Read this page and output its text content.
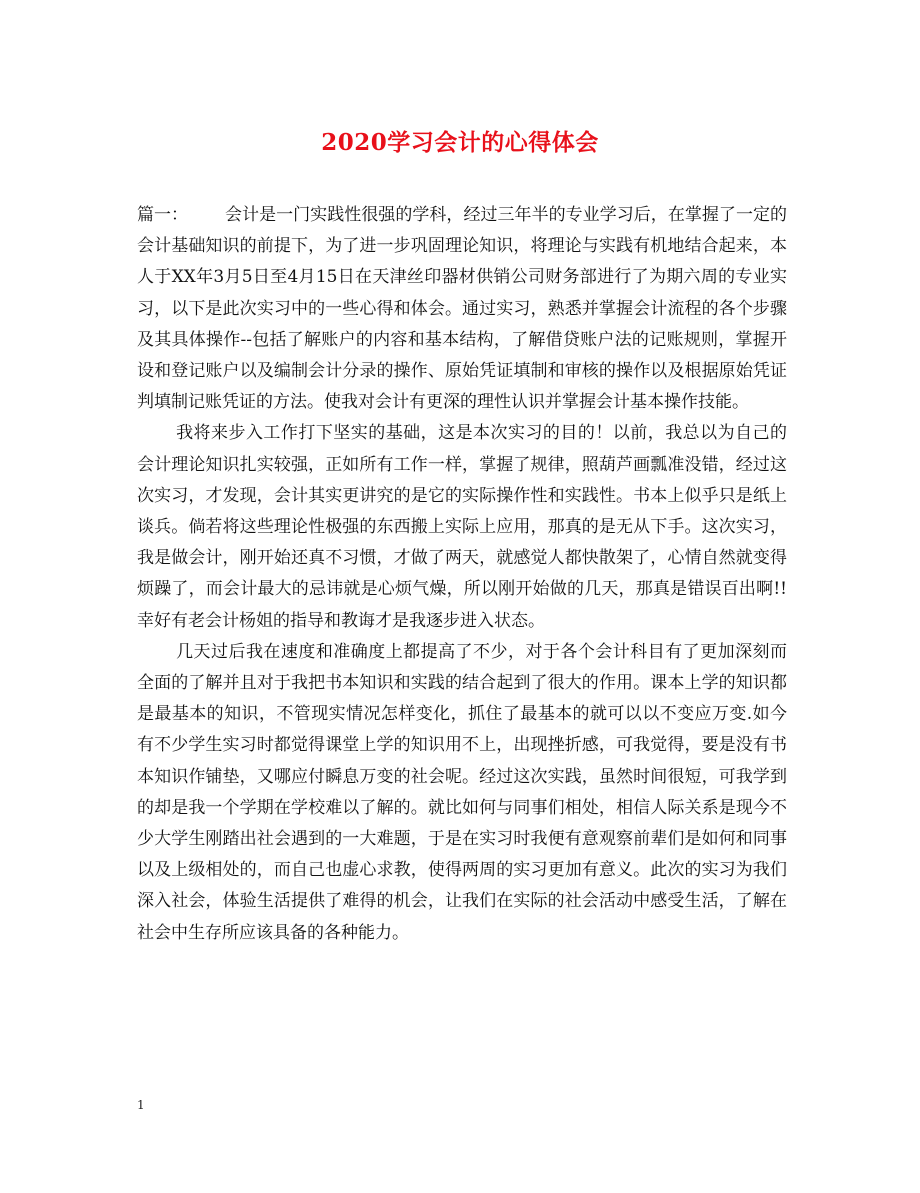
2020学习会计的心得体会

篇一： 会计是一门实践性很强的学科，经过三年半的专业学习后，在掌握了一定的会计基础知识的前提下，为了进一步巩固理论知识，将理论与实践有机地结合起来，本人于XX年3月5日至4月15日在天津丝印器材供销公司财务部进行了为期六周的专业实习，以下是此次实习中的一些心得和体会。通过实习，熟悉并掌握会计流程的各个步骤及其具体操作--包括了解账户的内容和基本结构，了解借贷账户法的记账规则，掌握开设和登记账户以及编制会计分录的操作、原始凭证填制和审核的操作以及根据原始凭证判填制记账凭证的方法。使我对会计有更深的理性认识并掌握会计基本操作技能。

我将来步入工作打下坚实的基础，这是本次实习的目的！以前，我总以为自己的会计理论知识扎实较强，正如所有工作一样，掌握了规律，照葫芦画瓢准没错，经过这次实习，才发现，会计其实更讲究的是它的实际操作性和实践性。书本上似乎只是纸上谈兵。倘若将这些理论性极强的东西搬上实际上应用，那真的是无从下手。这次实习，我是做会计，刚开始还真不习惯，才做了两天，就感觉人都快散架了，心情自然就变得烦躁了，而会计最大的忌讳就是心烦气燥，所以刚开始做的几天，那真是错误百出啊!! 幸好有老会计杨姐的指导和教诲才是我逐步进入状态。

几天过后我在速度和准确度上都提高了不少，对于各个会计科目有了更加深刻而全面的了解并且对于我把书本知识和实践的结合起到了很大的作用。课本上学的知识都是最基本的知识，不管现实情况怎样变化，抓住了最基本的就可以以不变应万变.如今有不少学生实习时都觉得课堂上学的知识用不上，出现挫折感，可我觉得，要是没有书本知识作铺垫，又哪应付瞬息万变的社会呢。经过这次实践，虽然时间很短，可我学到的却是我一个学期在学校难以了解的。就比如何与同事们相处，相信人际关系是现今不少大学生刚踏出社会遇到的一大难题，于是在实习时我便有意观察前辈们是如何和同事以及上级相处的，而自己也虚心求教，使得两周的实习更加有意义。此次的实习为我们深入社会，体验生活提供了难得的机会，让我们在实际的社会活动中感受生活，了解在社会中生存所应该具备的各种能力。

1
